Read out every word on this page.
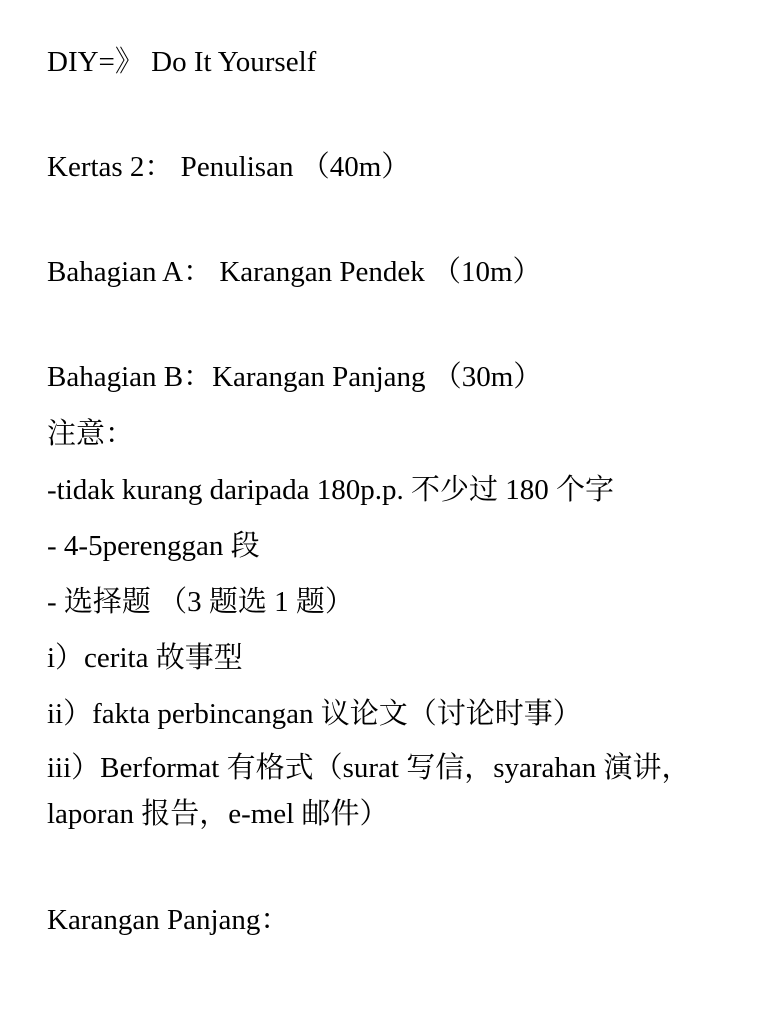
DIY=》 Do It Yourself
Kertas 2： Penulisan （40m）
Bahagian A： Karangan Pendek （10m）
Bahagian B：Karangan Panjang （30m）
注意：
-tidak kurang daripada 180p.p. 不少过 180 个字
- 4-5perenggan 段
- 选择题 （3 题选 1 题）
i）cerita 故事型
ii）fakta perbincangan 议论文（讨论时事）
iii）Berformat 有格式（surat 写信，syarahan 演讲，laporan 报告，e-mel 邮件）
Karangan Panjang：
